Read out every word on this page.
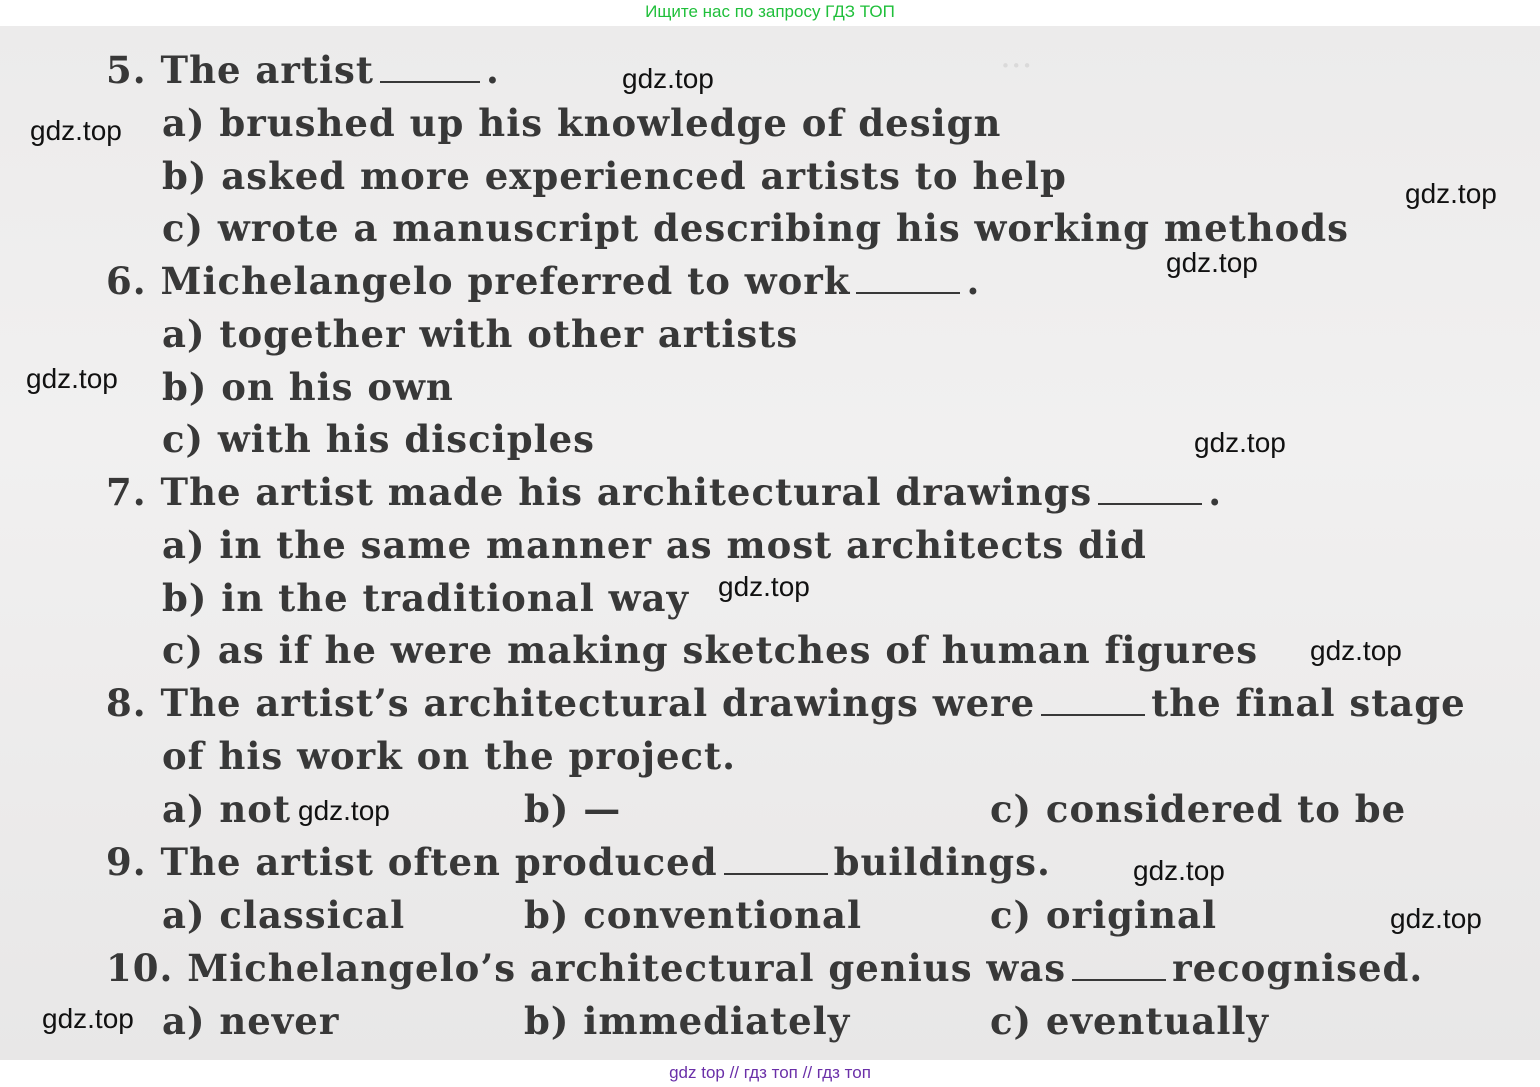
Ищите нас по запросу ГДЗ ТОП
...
5. The artist	.
a) brushed up his knowledge of design
b) asked more experienced artists to help
c) wrote a manuscript describing his working methods
6. Michelangelo preferred to work	.
a) together with other artists
b) on his own
c) with his disciples
7. The artist made his architectural drawings	.
a) in the same manner as most architects did
b) in the traditional way
c) as if he were making sketches of human figures
8. The artist’s architectural drawings were	the final stage
of his work on the project.
a) not	b) —	c) considered to be
9. The artist often produced	buildings.
a) classical	b) conventional	c) original
10. Michelangelo’s architectural genius was	recognised.
a) never	b) immediately	c) eventually
gdz.top
gdz.top
gdz.top
gdz.top
gdz.top
gdz.top
gdz.top
gdz.top
gdz.top
gdz.top
gdz.top
gdz.top
gdz top // гдз топ // гдз топ
